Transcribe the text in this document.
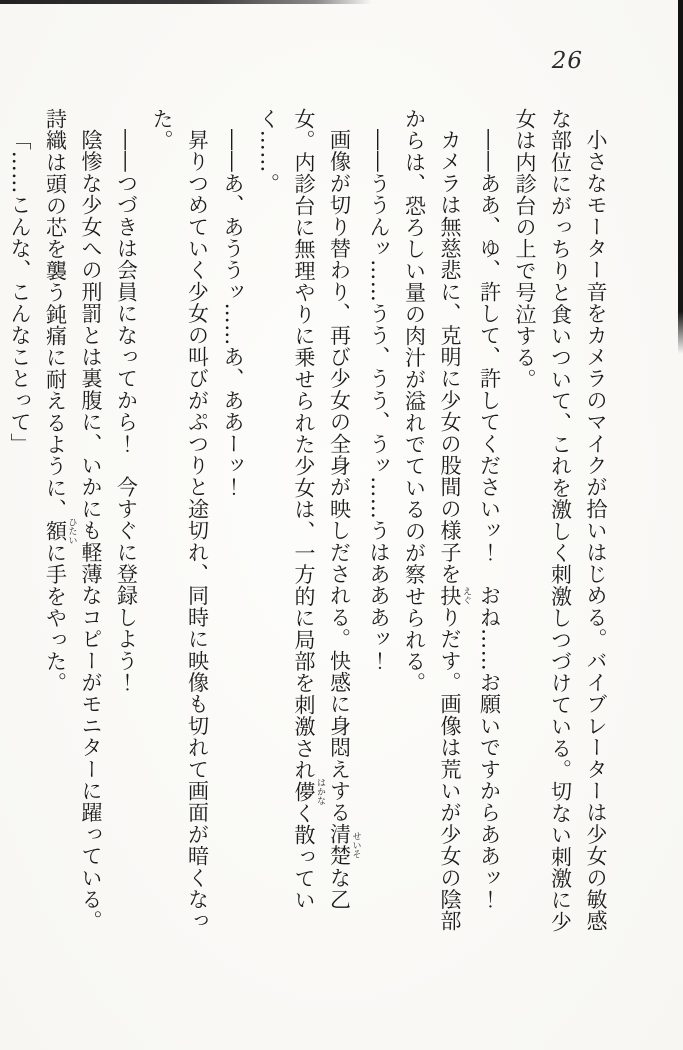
26

小さなモーター音をカメラのマイクが拾いはじめる。バイブレーターは少女の敏感な部位にがっちりと食いついて、これを激しく刺激しつづけている。切ない刺激に少女は内診台の上で号泣する。

――ああ、ゆ、許して、許してくださいッ！　おね……お願いですからああッ！

カメラは無慈悲に、克明に少女の股間の様子を抉 えぐりだす。画像は荒いが少女の陰部からは、恐ろしい量の肉汁が溢れでているのが察せられる。

――ううんッ……うう、うう、うッ……うはあああッ！

画像が切り替わり、再び少女の全身が映しだされる。快感に身悶えする清楚 せいそな乙女。内診台に無理やりに乗せられた少女は、一方的に局部を刺激され儚 はかなく散っていく……。

――あ、あううッ……あ、ああーッ！

昇りつめていく少女の叫びがぷつりと途切れ、同時に映像も切れて画面が暗くなった。

――つづきは会員になってから！　今すぐに登録しよう！

陰惨な少女への刑罰とは裏腹に、いかにも軽薄なコピーがモニターに躍っている。詩織は頭の芯を襲う鈍痛に耐えるように、額 ひたいに手をやった。

「……こんな、こんなことって」
